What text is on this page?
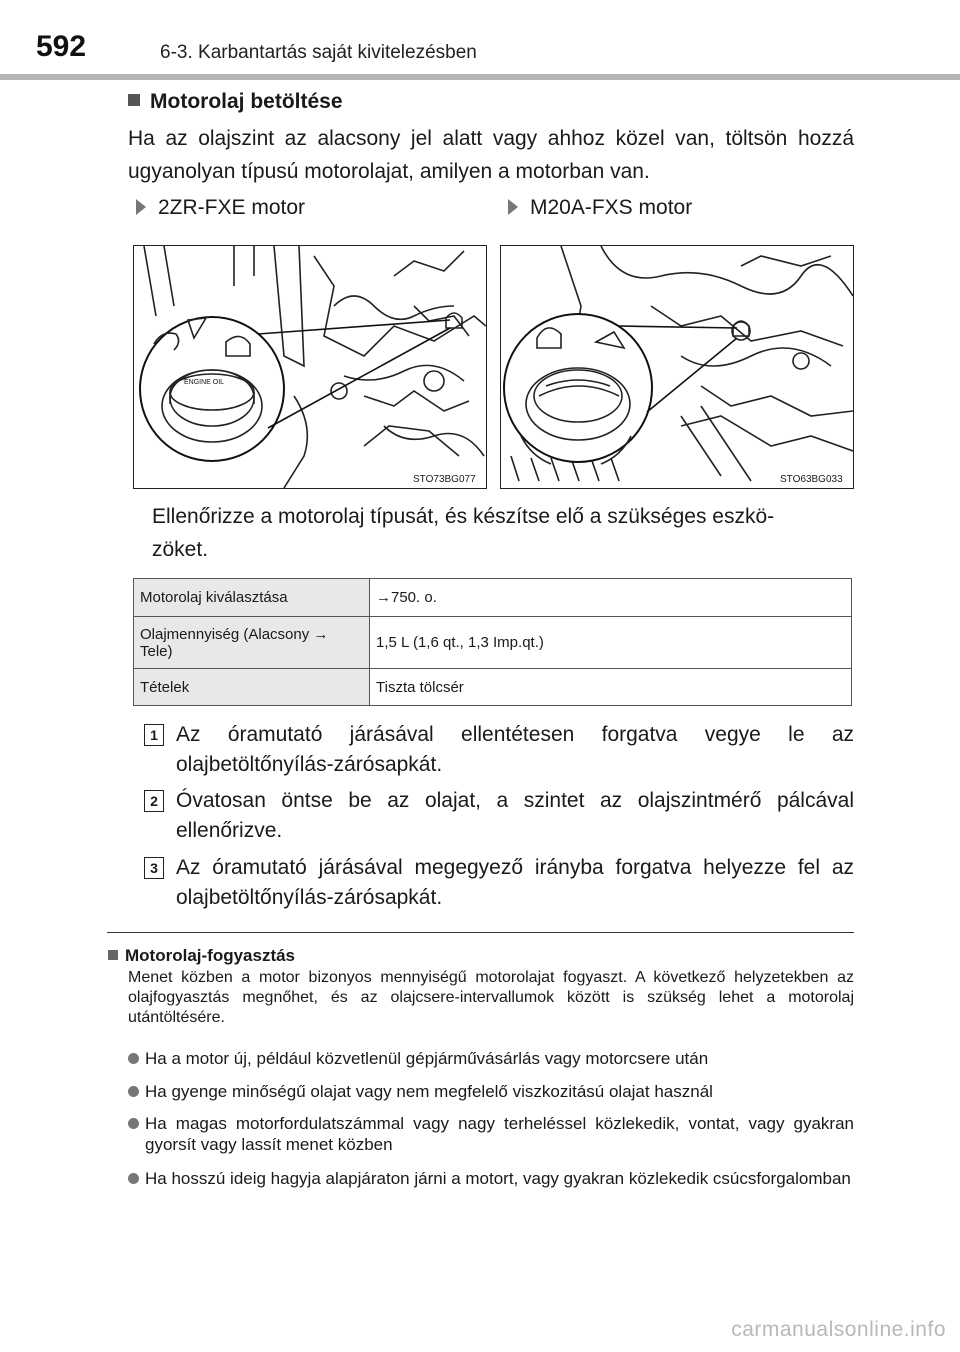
592	6-3. Karbantartás saját kivitelezésben
Motorolaj betöltése
Ha az olajszint az alacsony jel alatt vagy ahhoz közel van, töltsön hozzá ugyanolyan típusú motorolajat, amilyen a motorban van.
2ZR-FXE motor	M20A-FXS motor
ENGINE OIL
STO73BG077	STO63BG033
Ellenőrizze a motorolaj típusát, és készítse elő a szükséges eszkö-
zöket.
Motorolaj kiválasztása	→750. o.
Olajmennyiség (Alacsony → Tele)	1,5 L (1,6 qt., 1,3 Imp.qt.)
Tételek	Tiszta tölcsér
1 Az óramutató járásával ellentétesen forgatva vegye le az olajbetöltőnyílás-zárósapkát.
2 Óvatosan öntse be az olajat, a szintet az olajszintmérő pálcával ellenőrizve.
3 Az óramutató járásával megegyező irányba forgatva helyezze fel az olajbetöltőnyílás-zárósapkát.
Motorolaj-fogyasztás
Menet közben a motor bizonyos mennyiségű motorolajat fogyaszt. A következő helyzetekben az olajfogyasztás megnőhet, és az olajcsere-intervallumok között is szükség lehet a motorolaj utántöltésére.
Ha a motor új, például közvetlenül gépjárművásárlás vagy motorcsere után
Ha gyenge minőségű olajat vagy nem megfelelő viszkozitású olajat használ
Ha magas motorfordulatszámmal vagy nagy terheléssel közlekedik, vontat, vagy gyakran gyorsít vagy lassít menet közben
Ha hosszú ideig hagyja alapjáraton járni a motort, vagy gyakran közlekedik csúcsforgalomban
carmanualsonline.info
